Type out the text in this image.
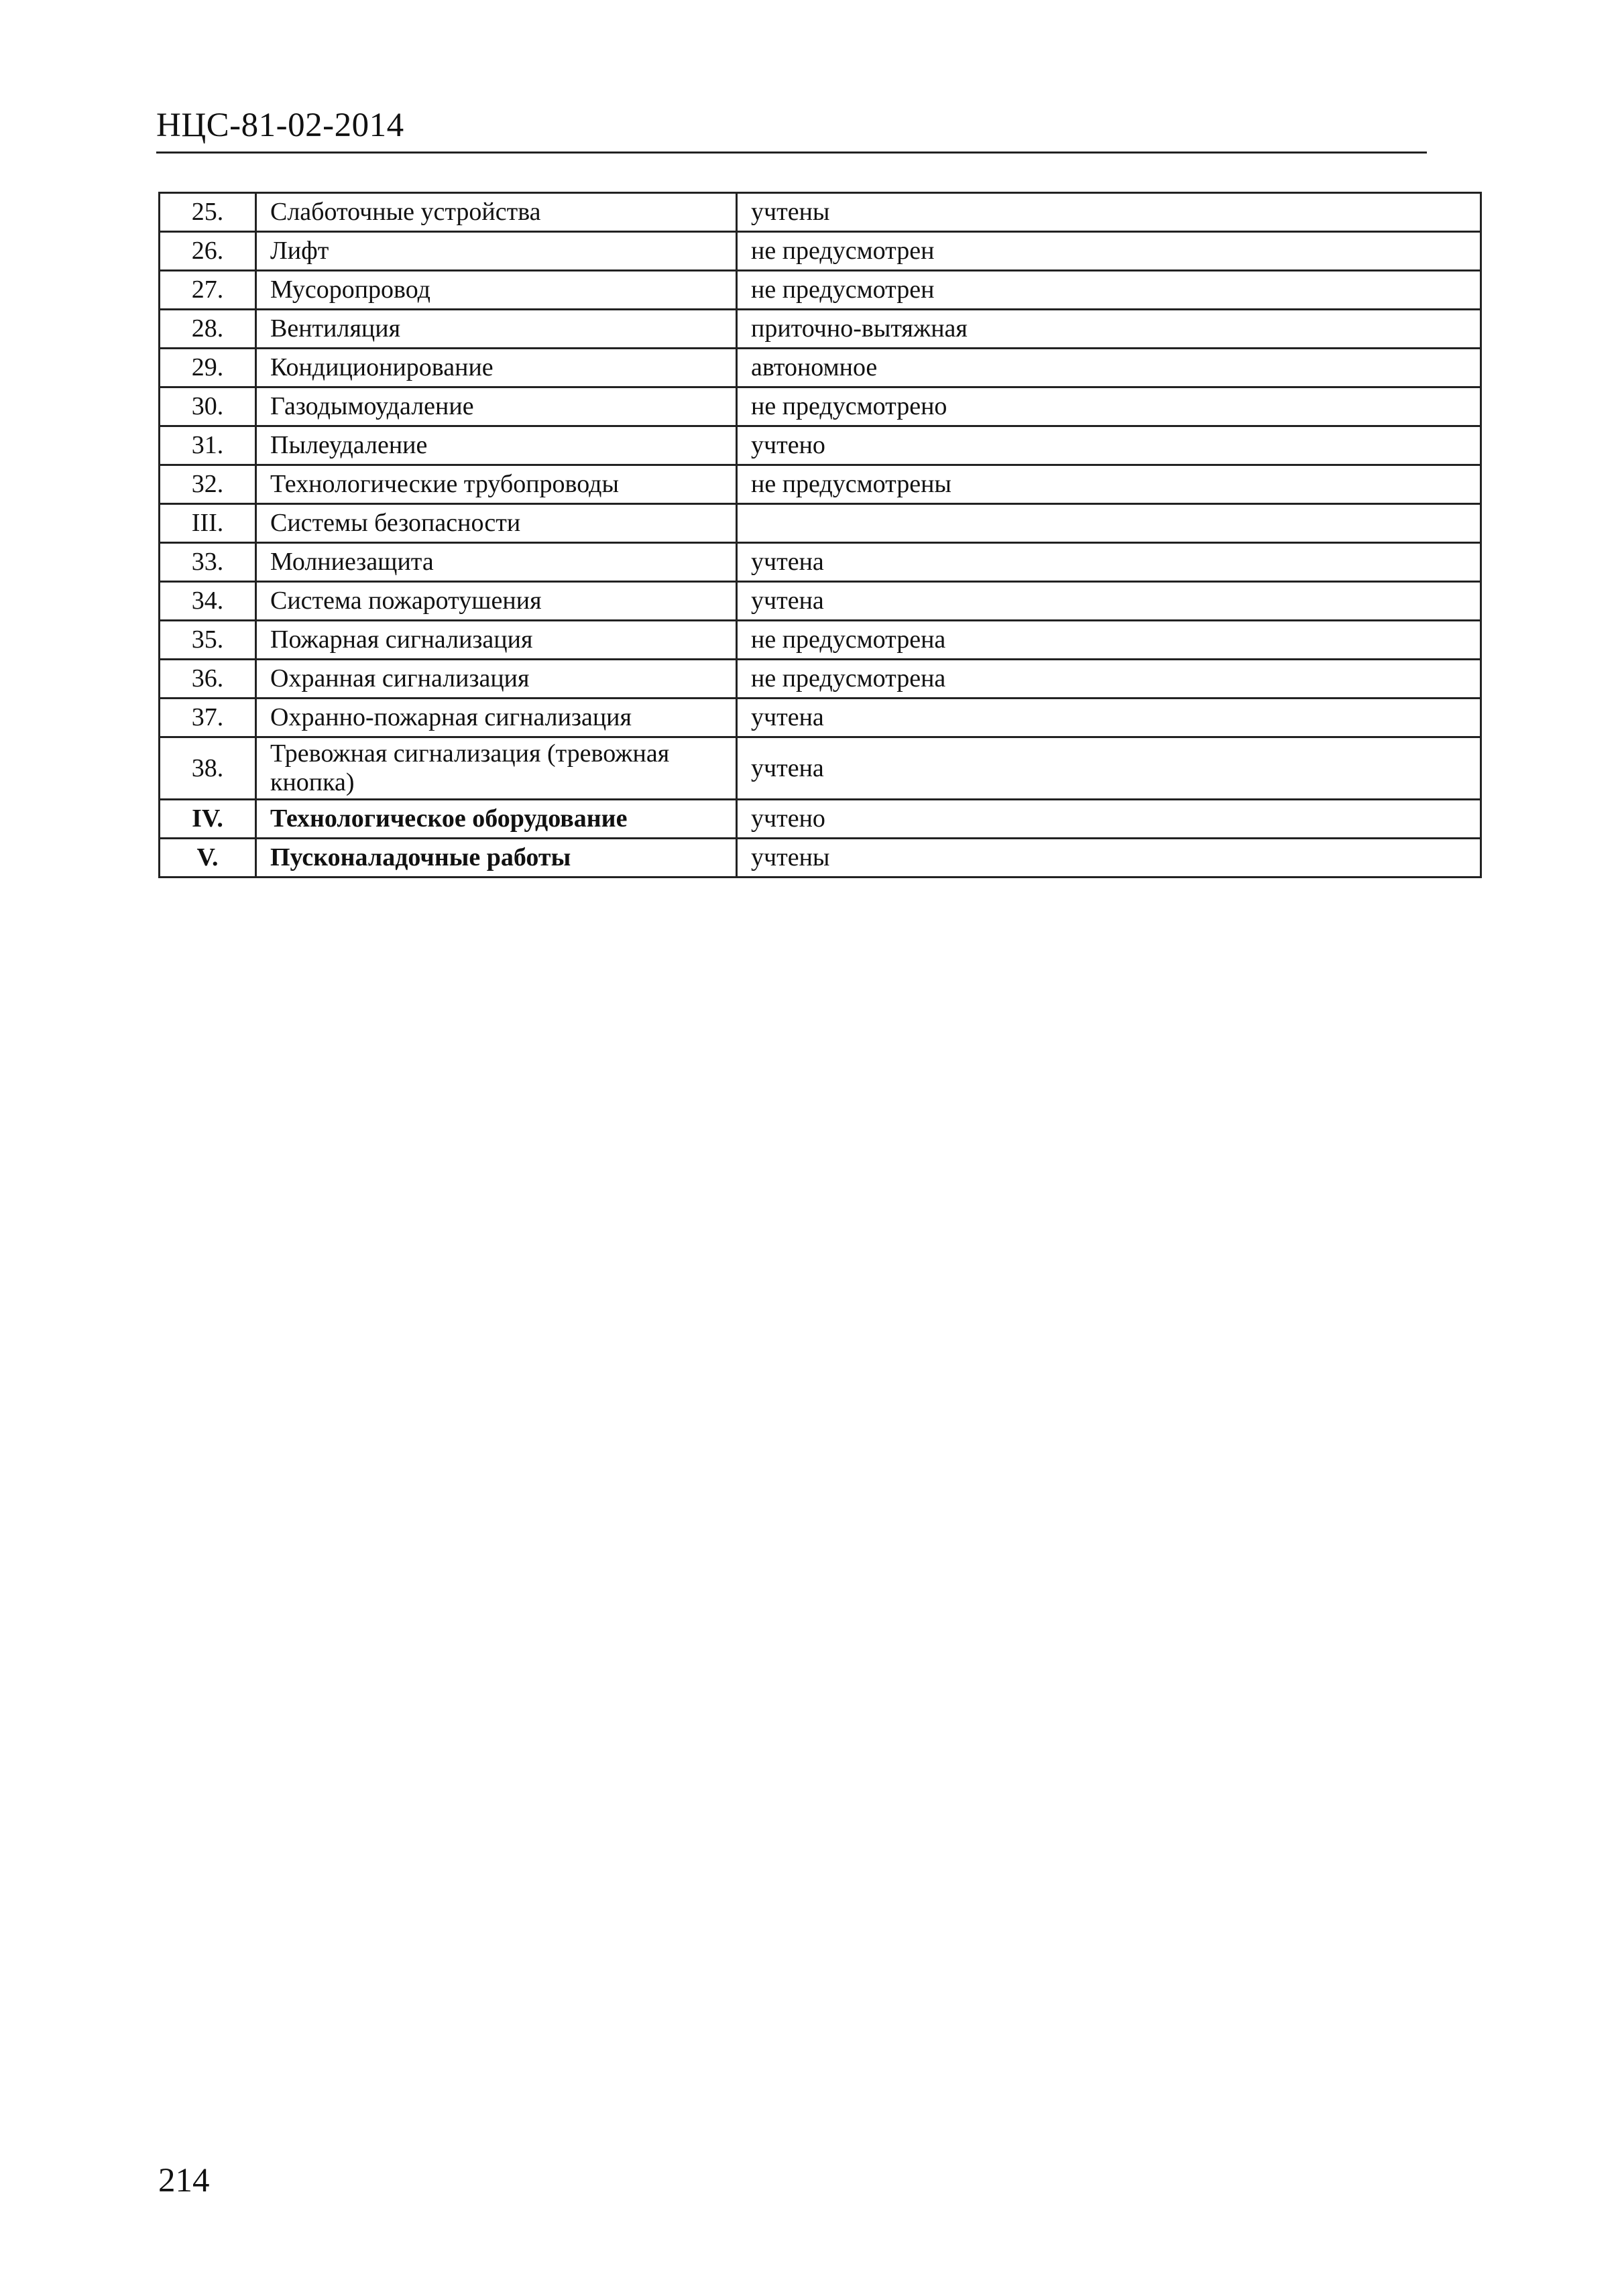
НЦС-81-02-2014
25.	Слаботочные устройства	учтены
26.	Лифт	не предусмотрен
27.	Мусоропровод	не предусмотрен
28.	Вентиляция	приточно-вытяжная
29.	Кондиционирование	автономное
30.	Газодымоудаление	не предусмотрено
31.	Пылеудаление	учтено
32.	Технологические трубопроводы	не предусмотрены
III.	Системы безопасности	
33.	Молниезащита	учтена
34.	Система пожаротушения	учтена
35.	Пожарная сигнализация	не предусмотрена
36.	Охранная сигнализация	не предусмотрена
37.	Охранно-пожарная сигнализация	учтена
38.	Тревожная сигнализация (тревожная кнопка)	учтена
IV.	Технологическое оборудование	учтено
V.	Пусконаладочные работы	учтены
214
